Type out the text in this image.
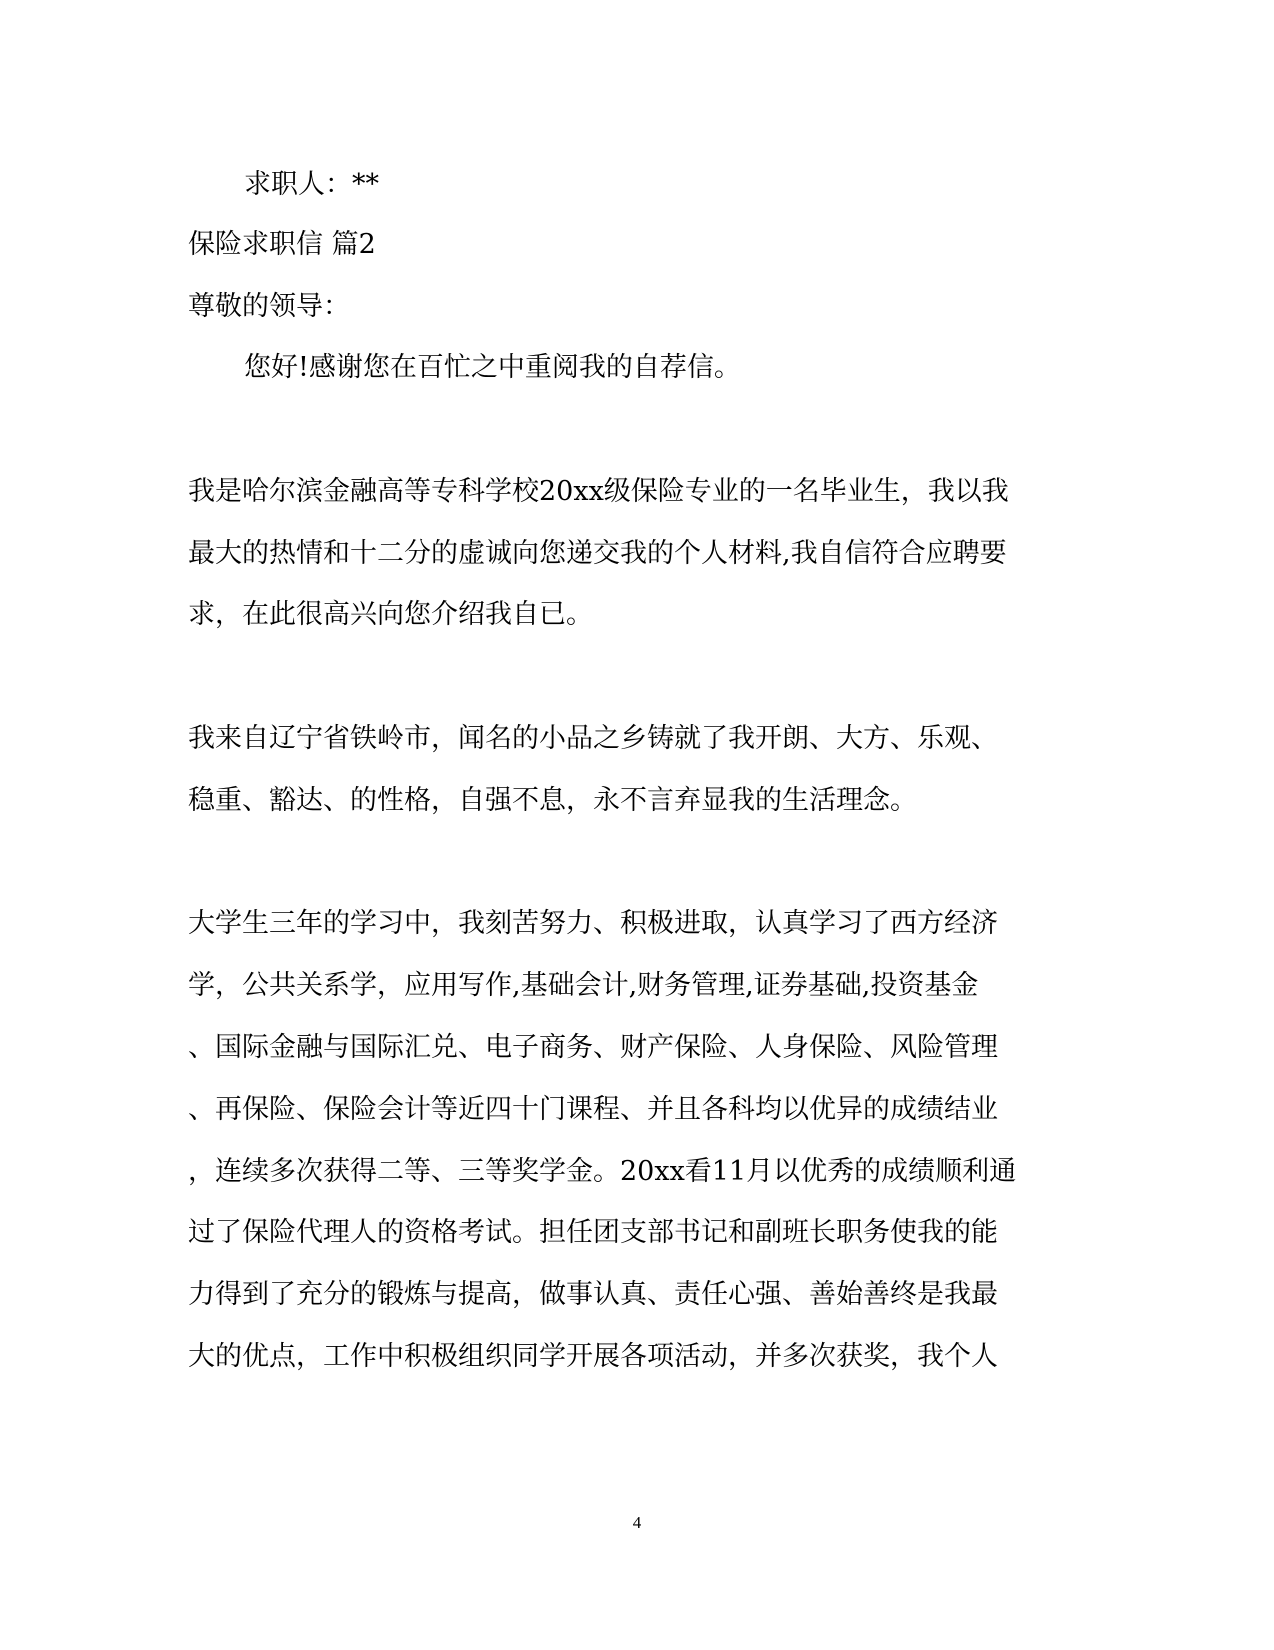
求职人：**
保险求职信 篇2
尊敬的领导：
您好!感谢您在百忙之中重阅我的自荐信。
我是哈尔滨金融高等专科学校20xx级保险专业的一名毕业生，我以我
最大的热情和十二分的虚诚向您递交我的个人材料,我自信符合应聘要
求，在此很高兴向您介绍我自已。
我来自辽宁省铁岭市，闻名的小品之乡铸就了我开朗、大方、乐观、
稳重、豁达、的性格，自强不息，永不言弃显我的生活理念。
大学生三年的学习中，我刻苦努力、积极进取，认真学习了西方经济
学，公共关系学，应用写作,基础会计,财务管理,证券基础,投资基金
、国际金融与国际汇兑、电子商务、财产保险、人身保险、风险管理
、再保险、保险会计等近四十门课程、并且各科均以优异的成绩结业
，连续多次获得二等、三等奖学金。20xx看11月以优秀的成绩顺利通
过了保险代理人的资格考试。担任团支部书记和副班长职务使我的能
力得到了充分的锻炼与提高，做事认真、责任心强、善始善终是我最
大的优点，工作中积极组织同学开展各项活动，并多次获奖，我个人
4
